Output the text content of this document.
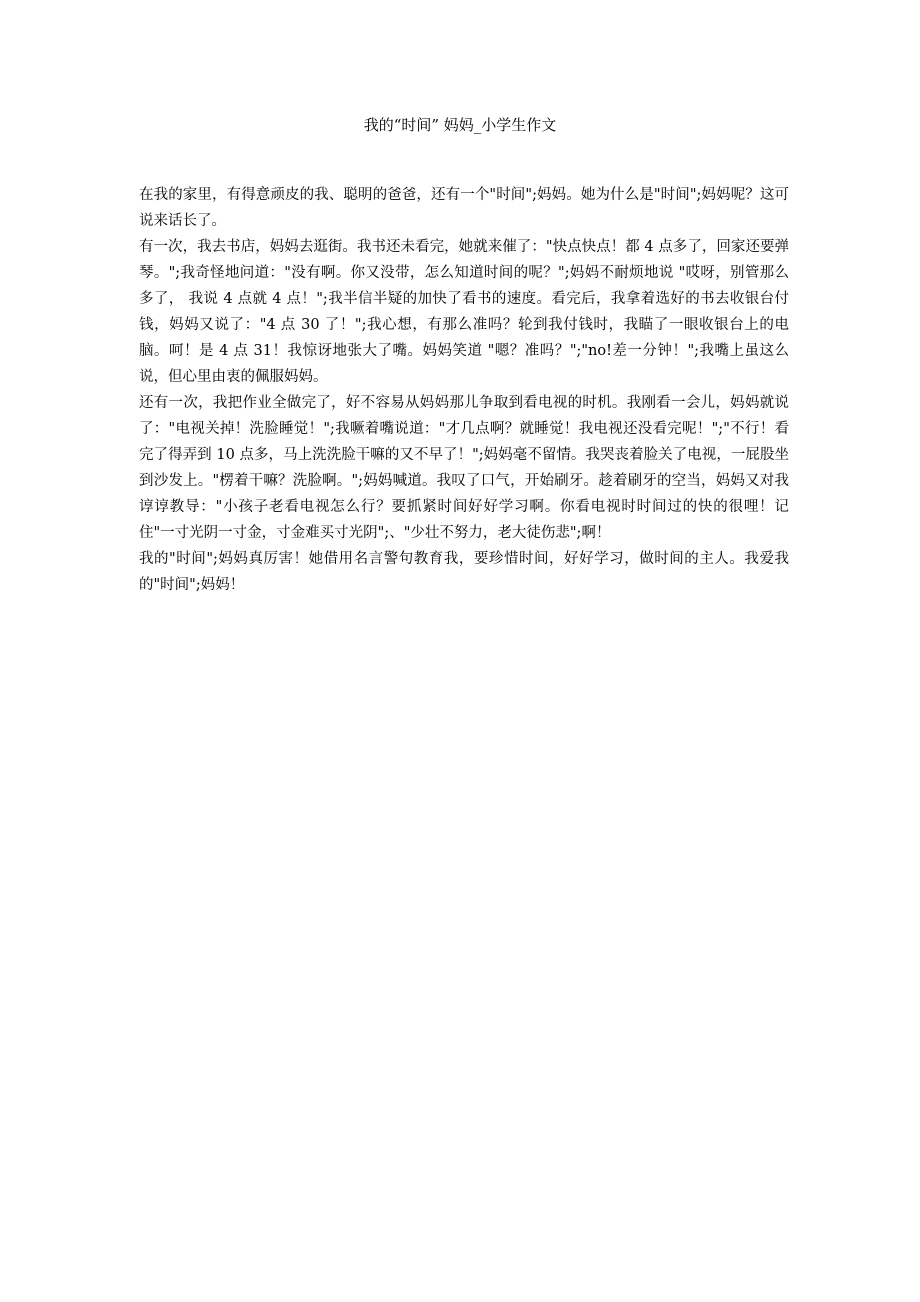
我的“时间” 妈妈_小学生作文

在我的家里，有得意顽皮的我、聪明的爸爸，还有一个"时间";妈妈。她为什么是"时间";妈妈呢？这可说来话长了。

有一次，我去书店，妈妈去逛街。我书还未看完，她就来催了："快点快点！都 4 点多了，回家还要弹琴。";我奇怪地问道："没有啊。你又没带，怎么知道时间的呢？";妈妈不耐烦地说 "哎呀，别管那么多了， 我说 4 点就 4 点！";我半信半疑的加快了看书的速度。看完后，我拿着选好的书去收银台付钱，妈妈又说了："4 点 30 了！";我心想，有那么准吗？轮到我付钱时，我瞄了一眼收银台上的电脑。呵！是 4 点 31！我惊讶地张大了嘴。妈妈笑道 "嗯？准吗？";"no!差一分钟！";我嘴上虽这么说，但心里由衷的佩服妈妈。

还有一次，我把作业全做完了，好不容易从妈妈那儿争取到看电视的时机。我刚看一会儿，妈妈就说了："电视关掉！洗脸睡觉！";我噘着嘴说道："才几点啊？就睡觉！我电视还没看完呢！";"不行！看完了得弄到 10 点多，马上洗洗脸干嘛的又不早了！";妈妈毫不留情。我哭丧着脸关了电视，一屁股坐到沙发上。"楞着干嘛？洗脸啊。";妈妈喊道。我叹了口气，开始刷牙。趁着刷牙的空当，妈妈又对我谆谆教导："小孩子老看电视怎么行？要抓紧时间好好学习啊。你看电视时时间过的快的很哩！记住"一寸光阴一寸金，寸金难买寸光阴";、"少壮不努力，老大徒伤悲";啊！

我的"时间";妈妈真厉害！她借用名言警句教育我，要珍惜时间，好好学习，做时间的主人。我爱我的"时间";妈妈！
